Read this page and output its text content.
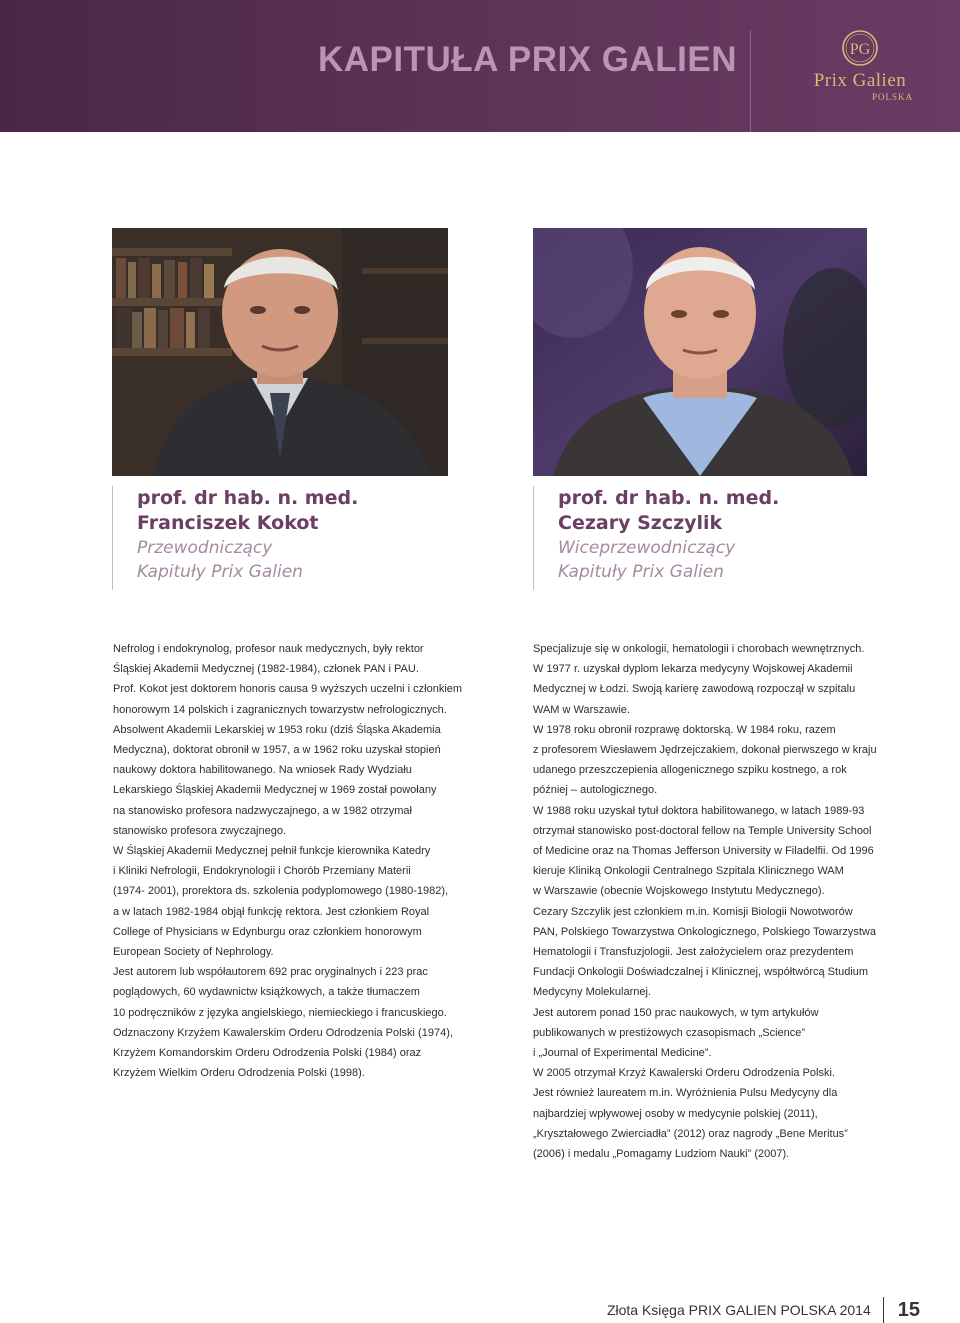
KAPITUŁA PRIX GALIEN	PG
Prix Galien
POLSKA
prof. dr hab. n. med.
Franciszek Kokot
Przewodniczący
Kapituły Prix Galien
prof. dr hab. n. med.
Cezary Szczylik
Wiceprzewodniczący
Kapituły Prix Galien

Nefrolog i endokrynolog, profesor nauk medycznych, były rektor

Śląskiej Akademii Medycznej (1982-1984), członek PAN i PAU.

Prof. Kokot jest doktorem honoris causa 9 wyższych uczelni i członkiem

honorowym 14 polskich i zagranicznych towarzystw nefrologicznych.

Absolwent Akademii Lekarskiej w 1953 roku (dziś Śląska Akademia

Medyczna), doktorat obronił w 1957, a w 1962 roku uzyskał stopień

naukowy doktora habilitowanego. Na wniosek Rady Wydziału

Lekarskiego Śląskiej Akademii Medycznej w 1969 został powołany

na stanowisko profesora nadzwyczajnego, a w 1982 otrzymał

stanowisko profesora zwyczajnego.

W Śląskiej Akademii Medycznej pełnił funkcje kierownika Katedry

i Kliniki Nefrologii, Endokrynologii i Chorób Przemiany Materii

(1974- 2001), prorektora ds. szkolenia podyplomowego (1980-1982),

a w latach 1982-1984 objął funkcję rektora. Jest członkiem Royal

College of Physicians w Edynburgu oraz członkiem honorowym

European Society of Nephrology.

Jest autorem lub współautorem 692 prac oryginalnych i 223 prac

poglądowych, 60 wydawnictw książkowych, a także tłumaczem

10 podręczników z języka angielskiego, niemieckiego i francuskiego.

Odznaczony Krzyżem Kawalerskim Orderu Odrodzenia Polski (1974),

Krzyżem Komandorskim Orderu Odrodzenia Polski (1984) oraz

Krzyżem Wielkim Orderu Odrodzenia Polski (1998).

Specjalizuje się w onkologii, hematologii i chorobach wewnętrznych.

W 1977 r. uzyskał dyplom lekarza medycyny Wojskowej Akademii

Medycznej w Łodzi. Swoją karierę zawodową rozpoczął w szpitalu

WAM w Warszawie.

W 1978 roku obronił rozprawę doktorską. W 1984 roku, razem

z profesorem Wiesławem Jędrzejczakiem, dokonał pierwszego w kraju

udanego przeszczepienia allogenicznego szpiku kostnego, a rok

później – autologicznego.

W 1988 roku uzyskał tytuł doktora habilitowanego, w latach 1989-93

otrzymał stanowisko post-doctoral fellow na Temple University School

of Medicine oraz na Thomas Jefferson University w Filadelfii. Od 1996

kieruje Kliniką Onkologii Centralnego Szpitala Klinicznego WAM

w Warszawie (obecnie Wojskowego Instytutu Medycznego).

Cezary Szczylik jest członkiem m.in. Komisji Biologii Nowotworów

PAN, Polskiego Towarzystwa Onkologicznego, Polskiego Towarzystwa

Hematologii i Transfuzjologii. Jest założycielem oraz prezydentem

Fundacji Onkologii Doświadczalnej i Klinicznej, współtwórcą Studium

Medycyny Molekularnej.

Jest autorem ponad 150 prac naukowych, w tym artykułów

publikowanych w prestiżowych czasopismach „Science”

i „Journal of Experimental Medicine”.

W 2005 otrzymał Krzyż Kawalerski Orderu Odrodzenia Polski.

Jest również laureatem m.in. Wyróżnienia Pulsu Medycyny dla

najbardziej wpływowej osoby w medycynie polskiej (2011),

„Kryształowego Zwierciadła” (2012) oraz nagrody „Bene Meritus”

(2006) i medalu „Pomagamy Ludziom Nauki” (2007).

Złota Księga PRIX GALIEN POLSKA 2014 15
